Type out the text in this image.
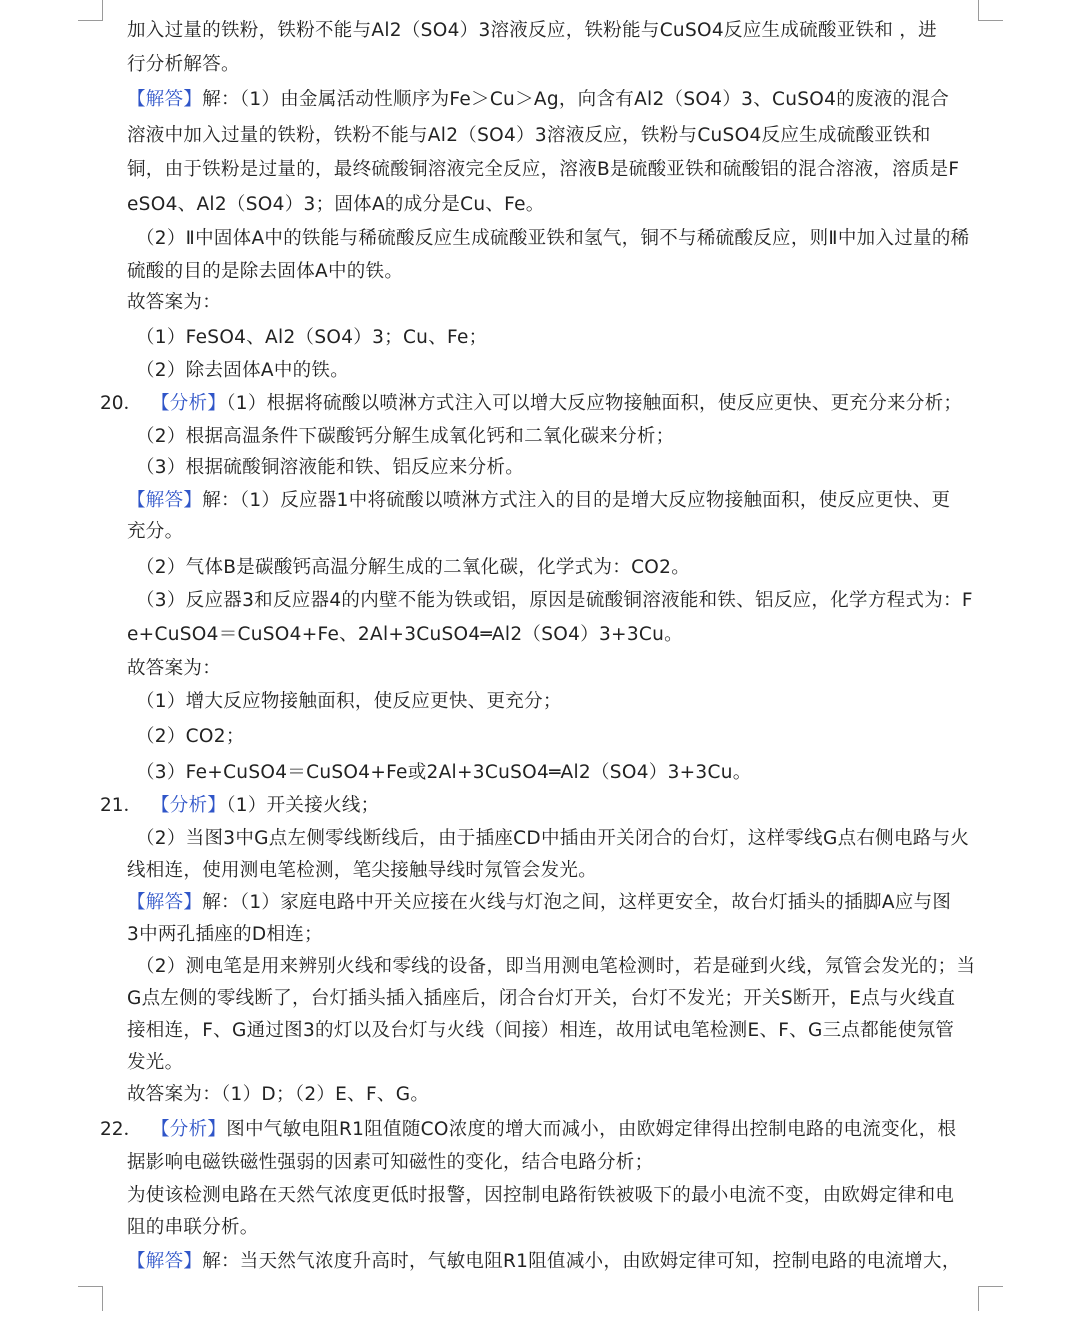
加入过量的铁粉，铁粉不能与Al2（SO4）3溶液反应，铁粉能与CuSO4反应生成硫酸亚铁和 ，进
行分析解答。
【解答】解：（1）由金属活动性顺序为Fe＞Cu＞Ag，向含有Al2（SO4）3、CuSO4的废液的混合
溶液中加入过量的铁粉，铁粉不能与Al2（SO4）3溶液反应，铁粉与CuSO4反应生成硫酸亚铁和
铜，由于铁粉是过量的，最终硫酸铜溶液完全反应，溶液B是硫酸亚铁和硫酸铝的混合溶液，溶质是F
eSO4、Al2（SO4）3；固体A的成分是Cu、Fe。
（2）Ⅱ中固体A中的铁能与稀硫酸反应生成硫酸亚铁和氢气，铜不与稀硫酸反应，则Ⅱ中加入过量的稀
硫酸的目的是除去固体A中的铁。
故答案为：
（1）FeSO4、Al2（SO4）3；Cu、Fe；
（2）除去固体A中的铁。
20． 【分析】（1）根据将硫酸以喷淋方式注入可以增大反应物接触面积，使反应更快、更充分来分析；
（2）根据高温条件下碳酸钙分解生成氧化钙和二氧化碳来分析；
（3）根据硫酸铜溶液能和铁、铝反应来分析。
【解答】解：（1）反应器1中将硫酸以喷淋方式注入的目的是增大反应物接触面积，使反应更快、更
充分。
（2）气体B是碳酸钙高温分解生成的二氧化碳，化学式为：CO2。
（3）反应器3和反应器4的内壁不能为铁或铝，原因是硫酸铜溶液能和铁、铝反应，化学方程式为：F
e+CuSO4＝CuSO4+Fe、2Al+3CuSO4═Al2（SO4）3+3Cu。
故答案为：
（1）增大反应物接触面积，使反应更快、更充分；
（2）CO2；
（3）Fe+CuSO4＝CuSO4+Fe或2Al+3CuSO4═Al2（SO4）3+3Cu。
21． 【分析】（1）开关接火线；
（2）当图3中G点左侧零线断线后，由于插座CD中插由开关闭合的台灯，这样零线G点右侧电路与火
线相连，使用测电笔检测，笔尖接触导线时氖管会发光。
【解答】解：（1）家庭电路中开关应接在火线与灯泡之间，这样更安全，故台灯插头的插脚A应与图
3中两孔插座的D相连；
（2）测电笔是用来辨别火线和零线的设备，即当用测电笔检测时，若是碰到火线，氖管会发光的；当
G点左侧的零线断了，台灯插头插入插座后，闭合台灯开关，台灯不发光；开关S断开，E点与火线直
接相连，F、G通过图3的灯以及台灯与火线（间接）相连，故用试电笔检测E、F、G三点都能使氖管
发光。
故答案为：（1）D；（2）E、F、G。
22． 【分析】图中气敏电阻R1阻值随CO浓度的增大而减小，由欧姆定律得出控制电路的电流变化，根
据影响电磁铁磁性强弱的因素可知磁性的变化，结合电路分析；
为使该检测电路在天然气浓度更低时报警，因控制电路衔铁被吸下的最小电流不变，由欧姆定律和电
阻的串联分析。
【解答】解：当天然气浓度升高时，气敏电阻R1阻值减小，由欧姆定律可知，控制电路的电流增大，
